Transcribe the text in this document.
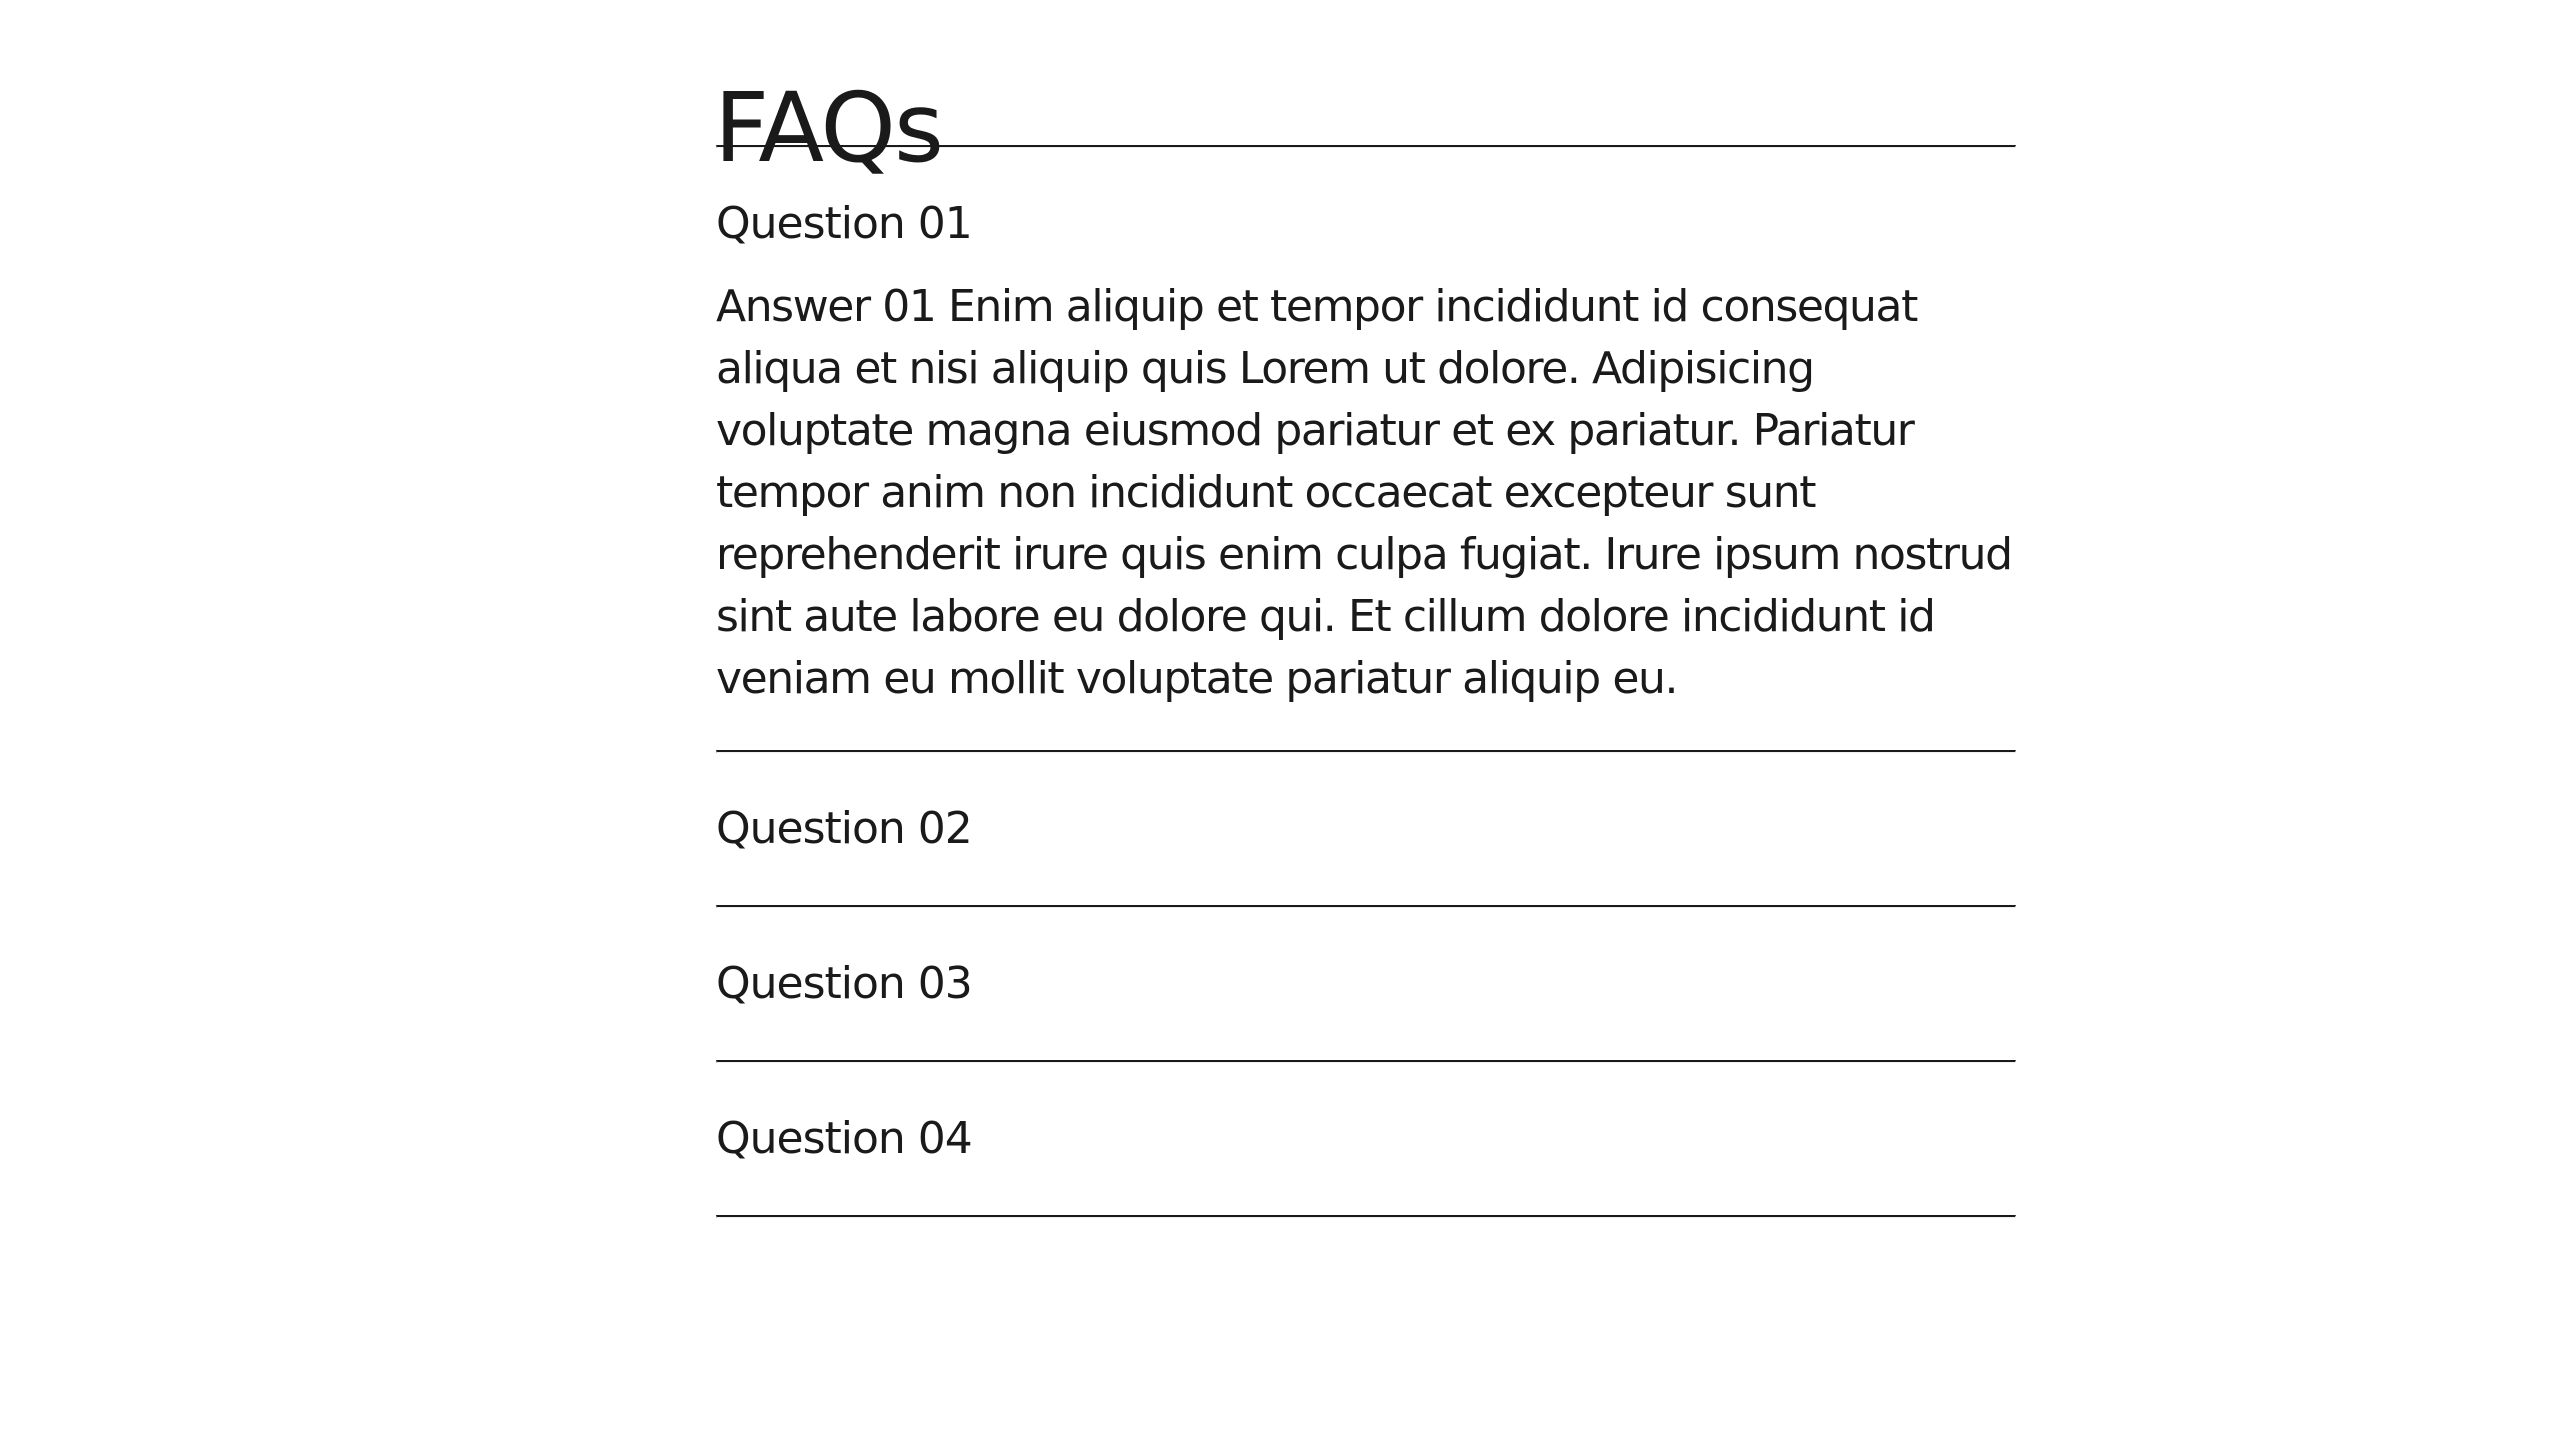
FAQs
Question 01

Answer 01 Enim aliquip et tempor incididunt id consequat aliqua et nisi aliquip quis Lorem ut dolore. Adipisicing voluptate magna eiusmod pariatur et ex pariatur. Pariatur tempor anim non incididunt occaecat excepteur sunt reprehenderit irure quis enim culpa fugiat. Irure ipsum nostrud sint aute labore eu dolore qui. Et cillum dolore incididunt id veniam eu mollit voluptate pariatur aliquip eu.

Question 02
Question 03
Question 04
